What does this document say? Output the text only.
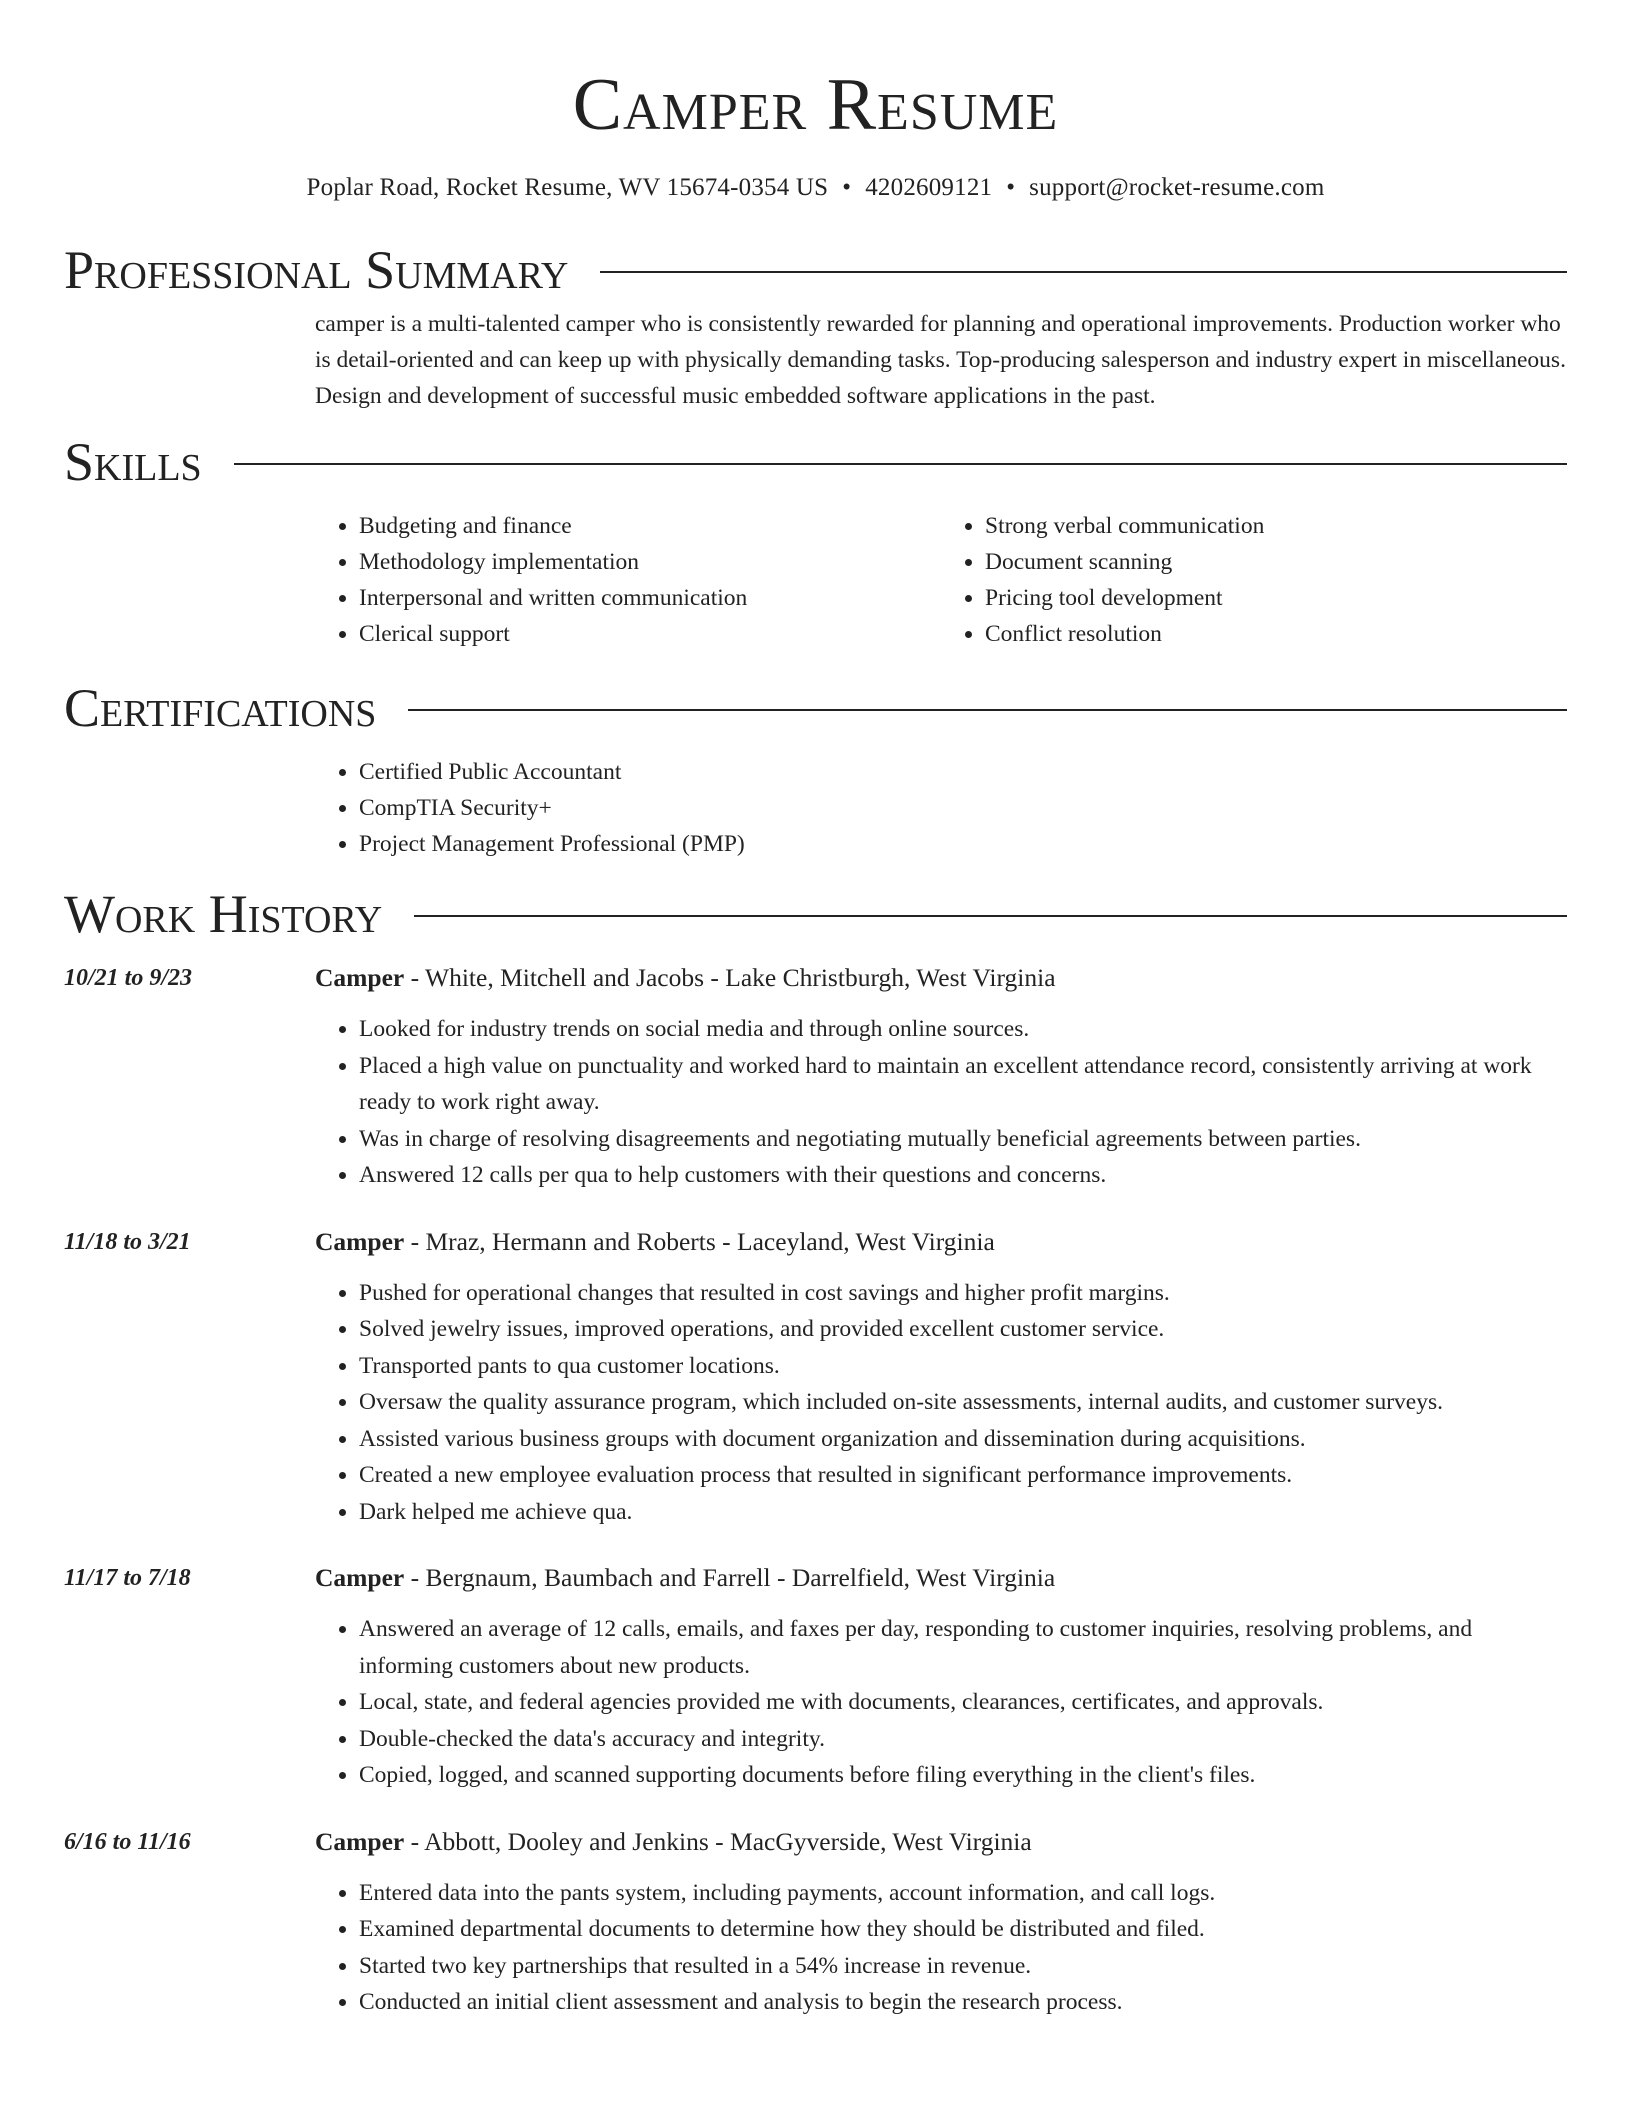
Camper Resume
Poplar Road, Rocket Resume, WV 15674-0354 US • 4202609121 • support@rocket-resume.com
Professional Summary

camper is a multi-talented camper who is consistently rewarded for planning and operational improvements. Production worker who is detail-oriented and can keep up with physically demanding tasks. Top-producing salesperson and industry expert in miscellaneous. Design and development of successful music embedded software applications in the past.

Skills
• Budgeting and finance
• Methodology implementation
• Interpersonal and written communication
• Clerical support
• Strong verbal communication
• Document scanning
• Pricing tool development
• Conflict resolution
Certifications
• Certified Public Accountant
• CompTIA Security+
• Project Management Professional (PMP)
Work History
10/21 to 9/23	Camper - White, Mitchell and Jacobs - Lake Christburgh, West Virginia
• Looked for industry trends on social media and through online sources.
• Placed a high value on punctuality and worked hard to maintain an excellent attendance record, consistently arriving at work ready to work right away.
• Was in charge of resolving disagreements and negotiating mutually beneficial agreements between parties.
• Answered 12 calls per qua to help customers with their questions and concerns.
11/18 to 3/21	Camper - Mraz, Hermann and Roberts - Laceyland, West Virginia
• Pushed for operational changes that resulted in cost savings and higher profit margins.
• Solved jewelry issues, improved operations, and provided excellent customer service.
• Transported pants to qua customer locations.
• Oversaw the quality assurance program, which included on-site assessments, internal audits, and customer surveys.
• Assisted various business groups with document organization and dissemination during acquisitions.
• Created a new employee evaluation process that resulted in significant performance improvements.
• Dark helped me achieve qua.
11/17 to 7/18	Camper - Bergnaum, Baumbach and Farrell - Darrelfield, West Virginia
• Answered an average of 12 calls, emails, and faxes per day, responding to customer inquiries, resolving problems, and informing customers about new products.
• Local, state, and federal agencies provided me with documents, clearances, certificates, and approvals.
• Double-checked the data's accuracy and integrity.
• Copied, logged, and scanned supporting documents before filing everything in the client's files.
6/16 to 11/16	Camper - Abbott, Dooley and Jenkins - MacGyverside, West Virginia
• Entered data into the pants system, including payments, account information, and call logs.
• Examined departmental documents to determine how they should be distributed and filed.
• Started two key partnerships that resulted in a 54% increase in revenue.
• Conducted an initial client assessment and analysis to begin the research process.
